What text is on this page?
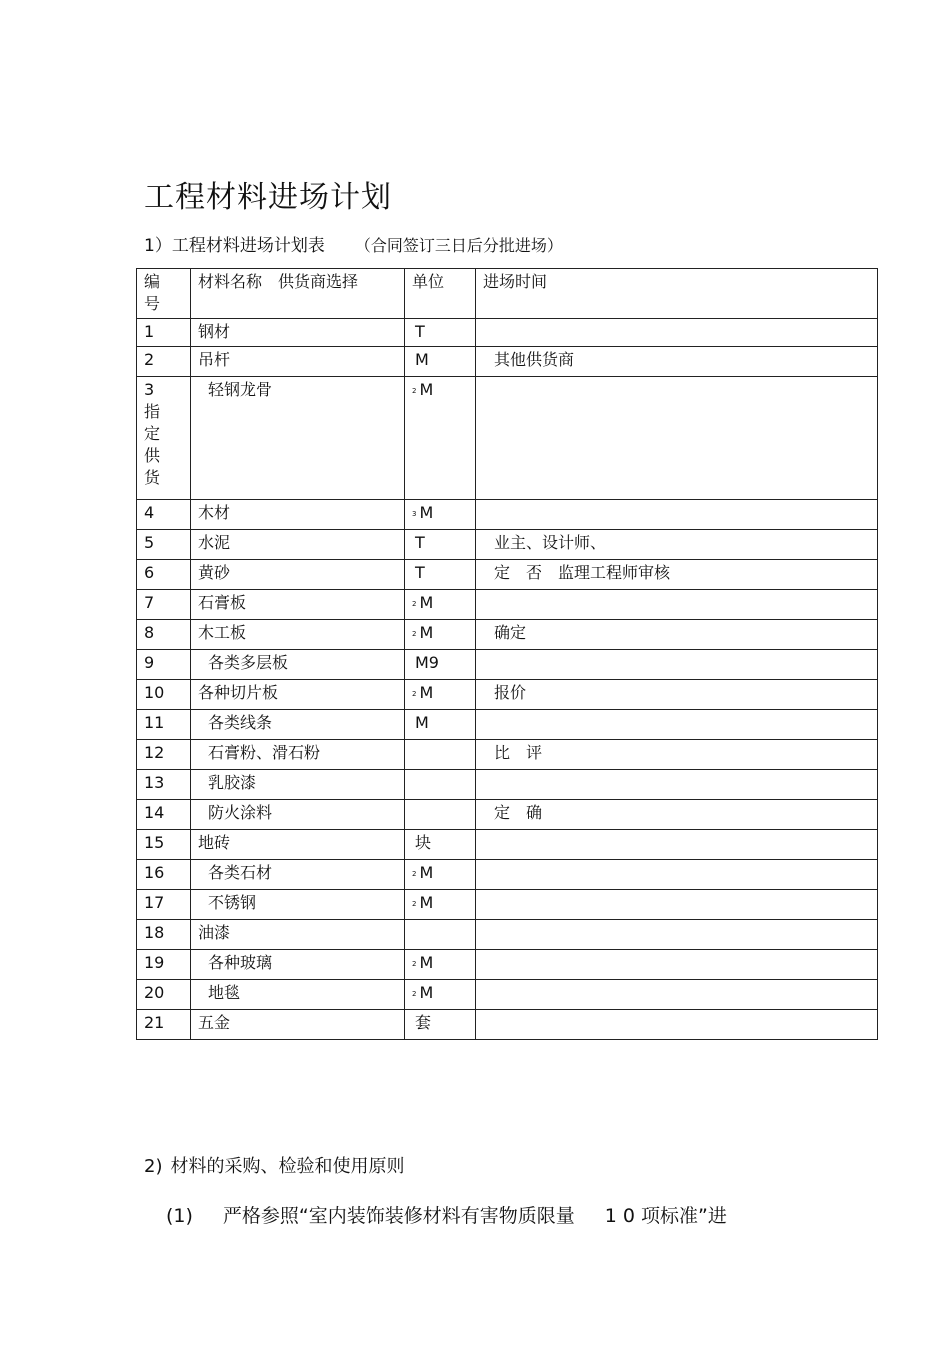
工程材料进场计划
1）工程材料进场计划表 （合同签订三日后分批进场）
编
号	材料名称　供货商选择	单位	进场时间
1	钢材	T	
2	吊杆	M	其他供货商
3
指
定
供
货	轻钢龙骨	2 M	
4	木材	3 M	
5	水泥	T	业主、设计师、
6	黄砂	T	定　否　监理工程师审核
7	石膏板	2 M	
8	木工板	2 M	确定
9	各类多层板	M9	
10	各种切片板	2 M	报价
11	各类线条	M	
12	石膏粉、滑石粉		比　评
13	乳胶漆		
14	防火涂料		定　确
15	地砖	块	
16	各类石材	2 M	
17	不锈钢	2 M	
18	油漆		
19	各种玻璃	2 M	
20	地毯	2 M	
21	五金	套	
2) 材料的采购、检验和使用原则
(1) 严格参照“室内装饰装修材料有害物质限量 1 0 项标准”进
